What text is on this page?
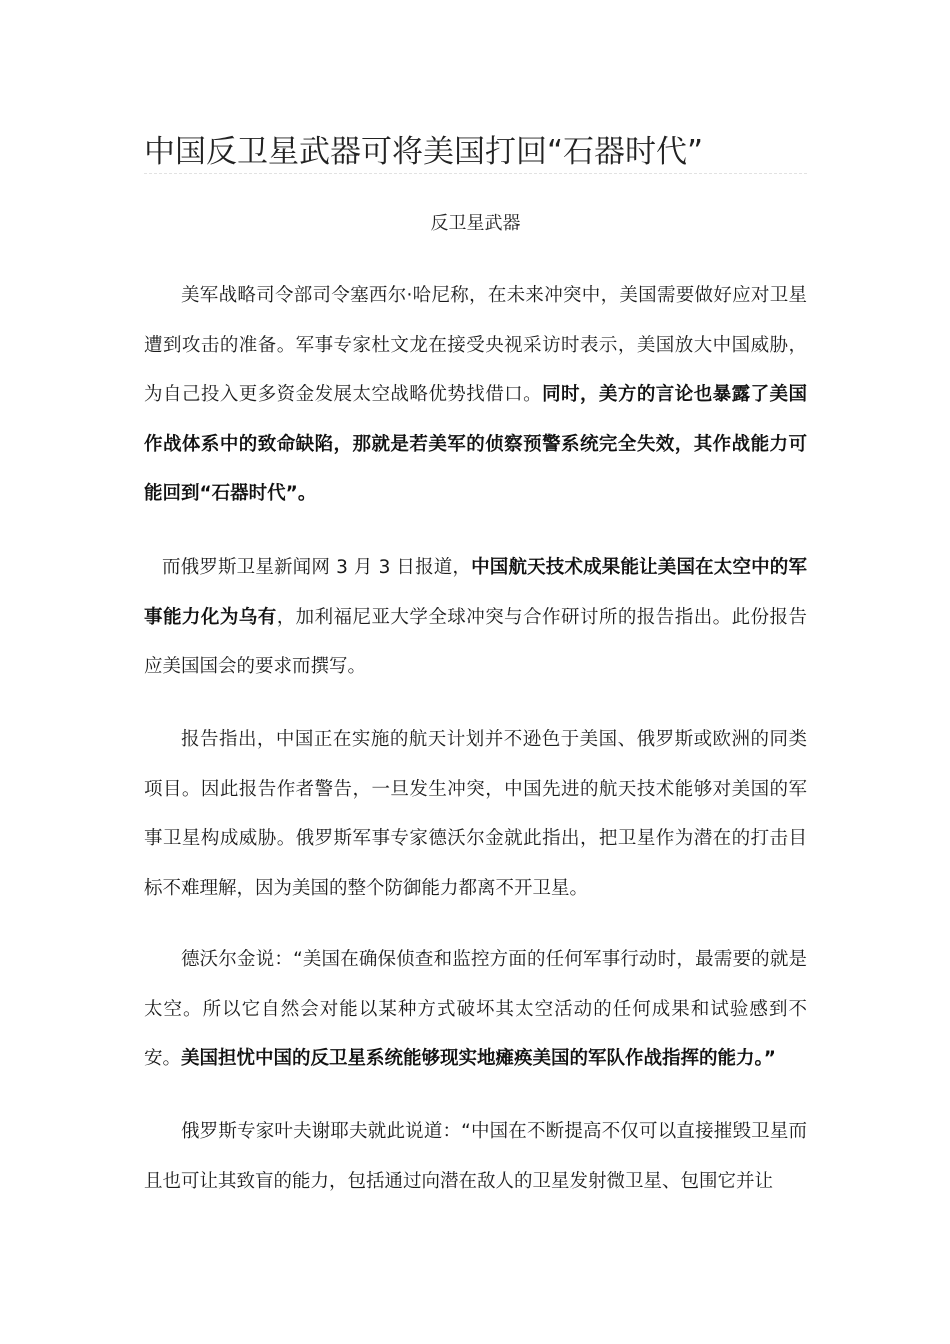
中国反卫星武器可将美国打回“石器时代”
反卫星武器

美军战略司令部司令塞西尔·哈尼称，在未来冲突中，美国需要做好应对卫星遭到攻击的准备。军事专家杜文龙在接受央视采访时表示，美国放大中国威胁，为自己投入更多资金发展太空战略优势找借口。同时，美方的言论也暴露了美国作战体系中的致命缺陷，那就是若美军的侦察预警系统完全失效，其作战能力可能回到“石器时代”。

而俄罗斯卫星新闻网 3 月 3 日报道，中国航天技术成果能让美国在太空中的军事能力化为乌有，加利福尼亚大学全球冲突与合作研讨所的报告指出。此份报告应美国国会的要求而撰写。

报告指出，中国正在实施的航天计划并不逊色于美国、俄罗斯或欧洲的同类项目。因此报告作者警告，一旦发生冲突，中国先进的航天技术能够对美国的军事卫星构成威胁。俄罗斯军事专家德沃尔金就此指出，把卫星作为潜在的打击目标不难理解，因为美国的整个防御能力都离不开卫星。

德沃尔金说：“美国在确保侦查和监控方面的任何军事行动时，最需要的就是太空。所以它自然会对能以某种方式破坏其太空活动的任何成果和试验感到不安。美国担忧中国的反卫星系统能够现实地瘫痪美国的军队作战指挥的能力。”

俄罗斯专家叶夫谢耶夫就此说道：“中国在不断提高不仅可以直接摧毁卫星而且也可让其致盲的能力，包括通过向潜在敌人的卫星发射微卫星、包围它并让
